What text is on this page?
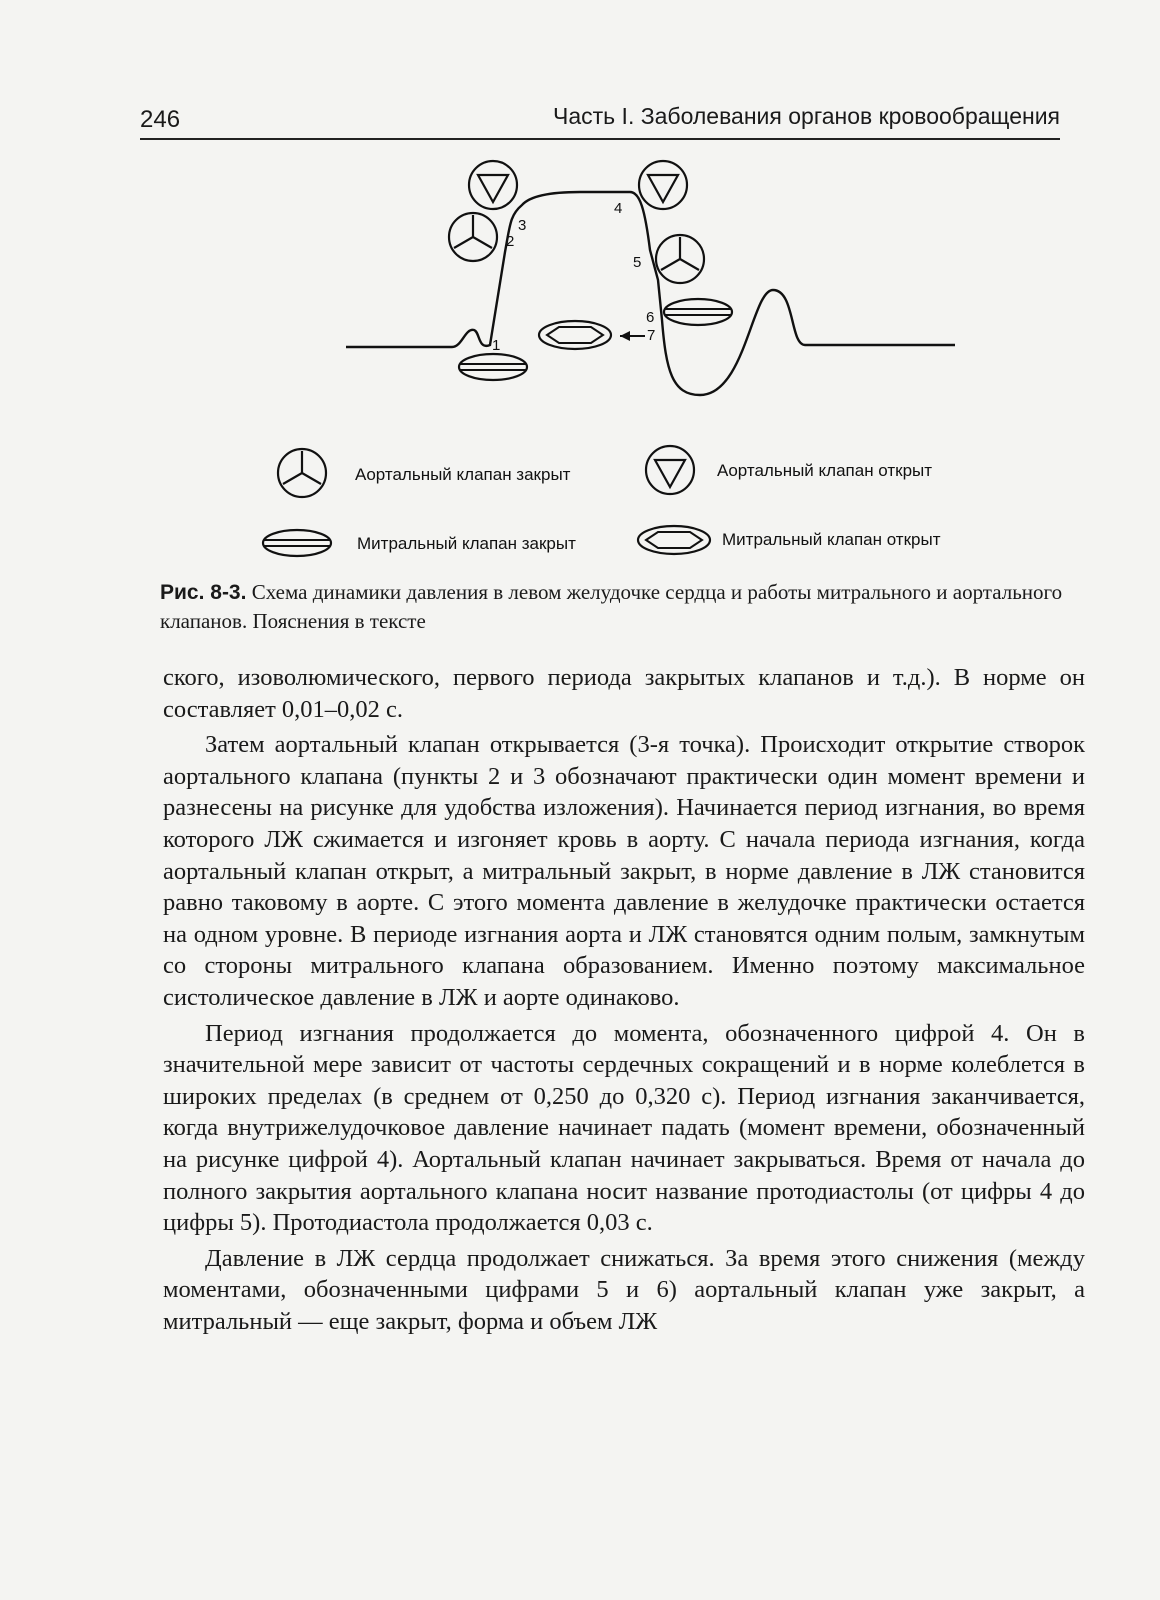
246	Часть I. Заболевания органов кровообращения
1
2
3
4
5
6
7
Аортальный клапан закрыт	Аортальный клапан открыт
Митральный клапан закрыт	Митральный клапан открыт
Рис. 8-3. Схема динамики давления в левом желудочке сердца и работы митрального и аортального клапанов. Пояснения в тексте

ского, изоволюмического, первого периода закрытых клапанов и т.д.). В норме он составляет 0,01–0,02 с.

Затем аортальный клапан открывается (3-я точка). Происходит открытие створок аортального клапана (пункты 2 и 3 обозначают практически один момент времени и разнесены на рисунке для удобства изложения). Начинается период изгнания, во время которого ЛЖ сжимается и изгоняет кровь в аорту. С начала периода изгнания, когда аортальный клапан открыт, а митральный закрыт, в норме давление в ЛЖ становится равно таковому в аорте. С этого момента давление в желудочке практически остается на одном уровне. В периоде изгнания аорта и ЛЖ становятся одним полым, замкнутым со стороны митрального клапана образованием. Именно поэтому максимальное систолическое давление в ЛЖ и аорте одинаково.

Период изгнания продолжается до момента, обозначенного цифрой 4. Он в значительной мере зависит от частоты сердечных сокращений и в норме колеблется в широких пределах (в среднем от 0,250 до 0,320 с). Период изгнания заканчивается, когда внутрижелудочковое давление начинает падать (момент времени, обозначенный на рисунке цифрой 4). Аортальный клапан начинает закрываться. Время от начала до полного закрытия аортального клапана носит название протодиастолы (от цифры 4 до цифры 5). Протодиастола продолжается 0,03 с.

Давление в ЛЖ сердца продолжает снижаться. За время этого снижения (между моментами, обозначенными цифрами 5 и 6) аортальный клапан уже закрыт, а митральный — еще закрыт, форма и объем ЛЖ
